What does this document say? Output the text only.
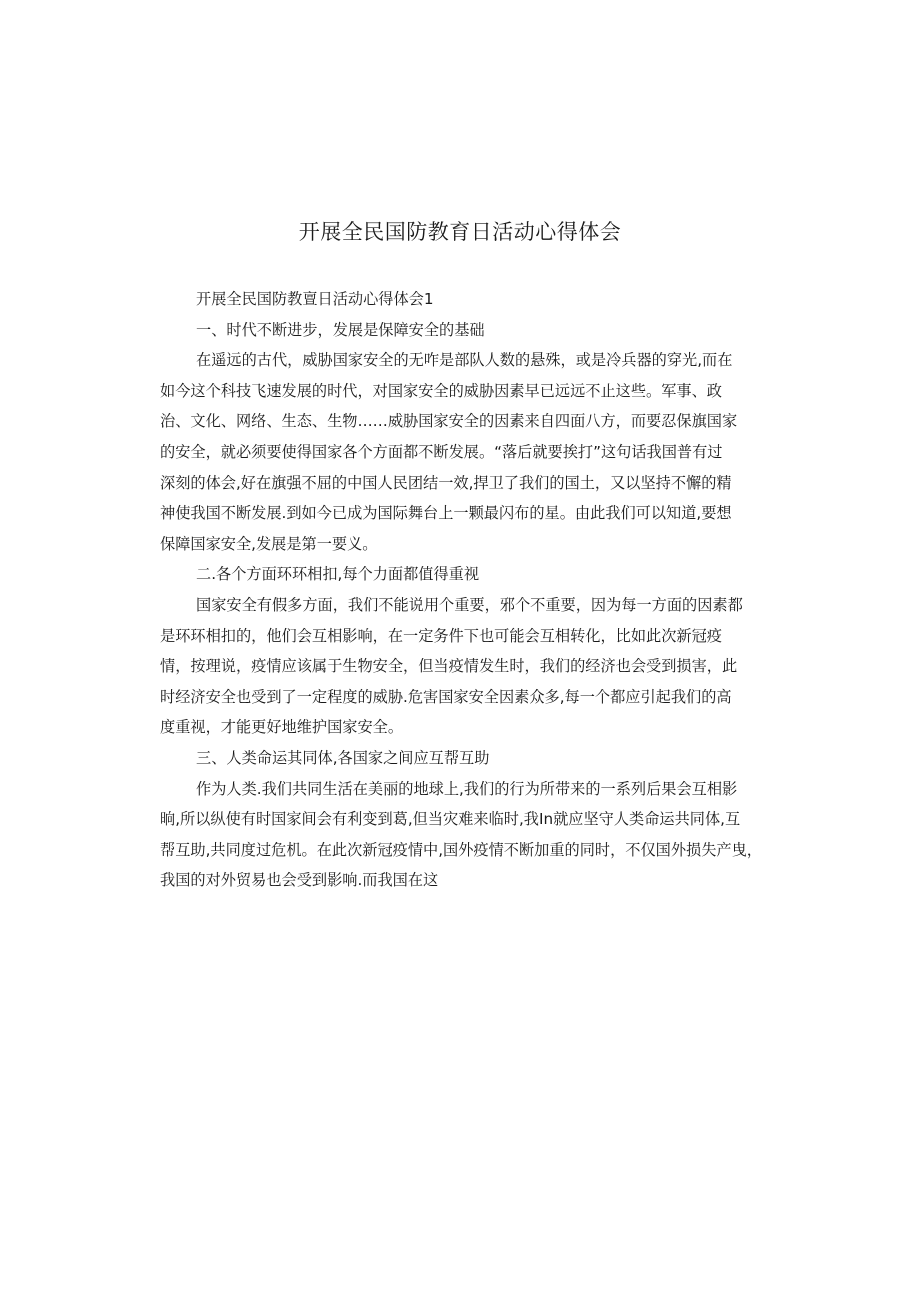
开展全民国防教育日活动心得体会
开展全民国防教亶日活动心得体会1
一、时代不断进步，发展是保障安全的基础
在遥远的古代，威胁国家安全的无咋是部队人数的悬殊，或是冷兵器的穿光,而在
如今这个科技飞速发展的时代，对国家安全的威胁因素早已远远不止这些。军事、政
治、文化、网络、生态、生物……威胁国家安全的因素来自四面八方，而要忍保旗国家
的安全，就必须要使得国家各个方面都不断发展。“落后就要挨打”这句话我国普有过
深刻的体会,好在旗强不屈的中国人民团结一效,捍卫了我们的国土，又以坚持不懈的精
神使我国不断发展.到如今已成为国际舞台上一颗最闪布的星。由此我们可以知道,要想
保障国家安全,发展是第一要义。
二.各个方面环环相扣,每个力面都值得重视
国家安全有假多方面，我们不能说用个重要，邪个不重要，因为每一方面的因素都
是环环相扣的，他们会互相影响，在一定务件下也可能会互相转化，比如此次新冠疫
情，按理说，疫情应该属于生物安全，但当疫情发生时，我们的经济也会受到损害，此
时经济安全也受到了一定程度的威胁.危害国家安全因素众多,每一个都应引起我们的高
度重视，才能更好地维护国家安全。
三、人类命运其同体,各国家之间应互帮互助
作为人类.我们共同生活在美丽的地球上,我们的行为所带来的一系列后果会互相影
晌,所以纵使有时国家间会有利变到葛,但当灾难来临时,我In就应坚守人类命运共同体,互
帮互助,共同度过危机。在此次新冠疫情中,国外疫情不断加重的同时，不仅国外损失产曳，
我国的对外贸易也会受到影响.而我国在这
